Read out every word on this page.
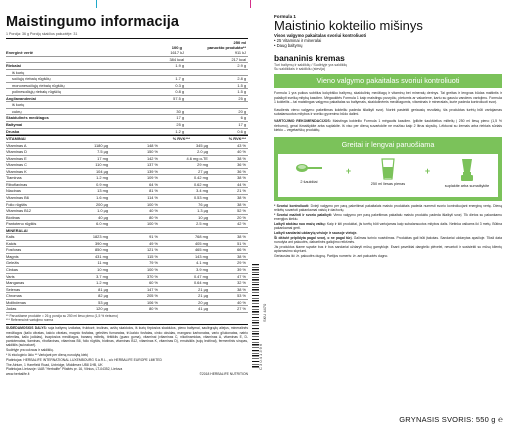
Maistingumo informacija
1 Porcija: 36 g Porcijų skaičius pakuotėje: 31
250 ml
100 g	paruošto produkto**
Energinė vertė	1617 kJ	911 kJ
384 kcal	217 kcal
Riebalai	1.9 g	2.9 g
iš kurių
sočiųjų riebalų rūgščių	1.7 g	2.8 g
mononesočiųjų riebalų rūgščių	0.3 g	1.5 g
polinesočiųjų riebalų rūgščių	0.8 g	1.5 g
Angliavandeniai	57.5 g	25 g
iš kurių
cukrų	30 g	20 g
Skaidulinės medžiagos	17 g	6 g
Baltymai	25 g	17 g
Druska	1.2 g	0.6 g
VITAMINAI	% RVK***	% RVK***
Vitaminas A	1180 µg	148 %	345 µg	43 %
Vitaminas D	7.5 µg	150 %	2.0 µg	40 %
Vitaminas E	17 mg	142 %	4.6 mg α-TE	38 %
Vitaminas C	110 mg	137 %	29 mg	36 %
Vitaminas K	104 µg	139 %	27 µg	36 %
Tiaminas	1.2 mg	109 %	0.42 mg	38 %
Riboflavinas	0.9 mg	64 %	0.62 mg	44 %
Niacinas	13 mg	81 %	3.4 mg	21 %
Vitaminas B6	1.6 mg	114 %	0.53 mg	38 %
Folio rūgštis	200 µg	100 %	76 µg	38 %
Vitaminas B12	1.0 µg	40 %	1.3 µg	52 %
Biotinas	40 µg	80 %	10 µg	20 %
Pantoteno rūgštis	6.0 mg	100 %	2.5 mg	42 %
MINERALAI
Kalis	1823 mg	91 %	768 mg	38 %
Kalcis	390 mg	49 %	405 mg	51 %
Fosforas	850 mg	121 %	465 mg	66 %
Magnis	431 mg	115 %	143 mg	38 %
Geležis	11 mg	79 %	4.1 mg	29 %
Cinkas	10 mg	100 %	3.9 mg	39 %
Varis	3.7 mg	370 %	0.47 mg	47 %
Manganas	1.2 mg	60 %	0.64 mg	32 %
Selenas	81 µg	147 %	21 µg	38 %
Chromas	82 µg	205 %	21 µg	53 %
Molibdenas	53 µg	106 %	20 µg	40 %
Jodas	120 µg	80 %	41 µg	27 %
** Paruoštame produkte = 26 g porcija su 250 ml liesu pienu (1,5 % riebumo)
*** Referencinė vartojimo norma

SUDEDAMOSIOS DALYS: soja baltymų izoliatas, fruktozė, inulinas, avižų skaidulos, iš kurių tirpiosios skaidulos, pieno baltymai, saulėgrąžų aliejus, mineralinės medžiagos (kalio citratas, kalcio citratas, magnio fosfatas, geležies fumaratas, tri-kalcio fosfatas, cinko oksidas, mangano karbonatas, vario gliukonatas, natrio selenitas, kalio jodidas), kvapiosios medžiagos, bananų miltelių, tirštiklis (guaro guma), vitaminai (vitaminas C, nikotinamidas, vitaminas A, vitaminas E, D-pantotenatas, tiaminas, riboflavinas, vitaminas B6, folio rūgštis, biotinas, vitaminas B12, vitaminas K, vitaminas D), emulsiklis (sojų lecitinai), fermentinis sirupas, saldiklis (sukralozė).

Sudėtyje yra cukraus ir saldiklių.

* Iš ekologinio ūkio ** Vartojant per dieną nurodytą kiekį

Platintojas: HERBALIFE INTERNATIONAL LUXEMBOURG S.à.R.L., c/o HERBALIFE EUROPE LIMITED
The Atrium, 1 Harefield Road, Uxbridge, Middlesex UB8 1HB, UK
Platintojas Lietuvoje: UAB "Herbalife" Pilaitės pr. 16, Vilnius, LT-04352, Lietuva

www.herbalife.lt	©2018 HERBALIFE NUTRITION

C 3 0 4 1 3 9 6
SKU 4470
Formula 1
Maistinio kokteilio mišinys
Visos valgymo pakaitalas svoriui kontroliuoti
• 25 Vitaminai ir mineralai
• Daug baltymų
bananinis kremas
Turi baltymų ir saldiklių / Sudėtyje yra saldiklių
Su saldikliais ir saldikliu (stevija)
Vieno valgymo pakaitalas svoriui kontroliuoti
Formula 1 yra puikus subtilus kokybiško baltymų, skaidulinių medžiagų ir vitaminų bei mineralų derinys. Tai greitas ir lengvas būdas maitintis ir palaikyti sveiką mitybą kasdien. Mėgaukitės Formula 1 kaip maistingu pusryčiu, pietumis ar vakariene, kartu su gausiu vandens vartojimu. Formula 1 kokteilis – tai maistingas valgymo pakaitalas su baltymais, skaidulinėmis medžiagomis, vitaminais ir mineralais, kurie padeda kontroliuoti svorį.
Kasdienis vieno valgymo pakeitimas kokteiliu padeda išlaikyti svorį. Norint pasiekti geriausių rezultatų, šis produktas turėtų būti vartojamas subalansuotos mitybos ir sveiko gyvenimo būdo dalimi.
VARTOJIMO REKOMENDACIJOS: Maistinga kokteilio Formula 1 mėgautis kasdien. Įpilkite šaukštelius miltelių į 250 ml liesą pieno (1,5 % riebumo), gerai išmaišykite arba suplakite. Iš viso per dieną suvartokite ne mažiau kaip 2 litrus skysčių. Lėktuvai su žemais arba riebiais sūriais kiekio – vegetariškų produktų.
Greitai ir lengvai paruošiama
2 šaukštai
+
250 ml liesas pienas
+
suplakite arba sumaišykite

* Svoriui kontroliuoti: Dvieji valgymo per parą pakeitimai pakaitalais maisto produktais padeda numesti svorio kontroliuojant energinę vertę. Dieną reikėtų suvartoti pakankamai vaisių ir daržovių.

* Svoriui mažinti ir svorio palaikyti: Vieno valgymo per parą pakeitimas pakaitalu maisto produktu padeda išlaikyti svorį. Tik dietos su pakankamu energijos kiekiu.

Laikyti atokiau nuo mažų vaikų: Kaip ir kiti produktai, jis turėtų būti vartojamas kaip subalansuotos mitybos dalis. Netinka vaikams iki 3 metų. Būtina pakankamai gerti.

Laikyti sandariai uždarytą vėsioje ir sausoje vietoje.

Ši dėžutė pripildyta pagal svorį, o ne pagal tūrį. Galimas turinio nusėdimas. Produktas gali būti įtakotas. Sandariai uždarytas apačioje. Tiksli data nurodyta ant pakuotės, dabartinės galiojimo reikšmės.

Jis produktus šiame sąraše bus ir bus sandariai uždaryti mūsų gamykloje. Esant paveiktai dangtelio plėvelei, nevartoti ir susisiekti su mūsų klientų aptarnavimo skyriumi.

Geriausias iki: žr. pakuotės dugną. Partijos numeris: žr. ant pakuotės dugno.

GRYNASIS SVORIS: 550 g ℮
